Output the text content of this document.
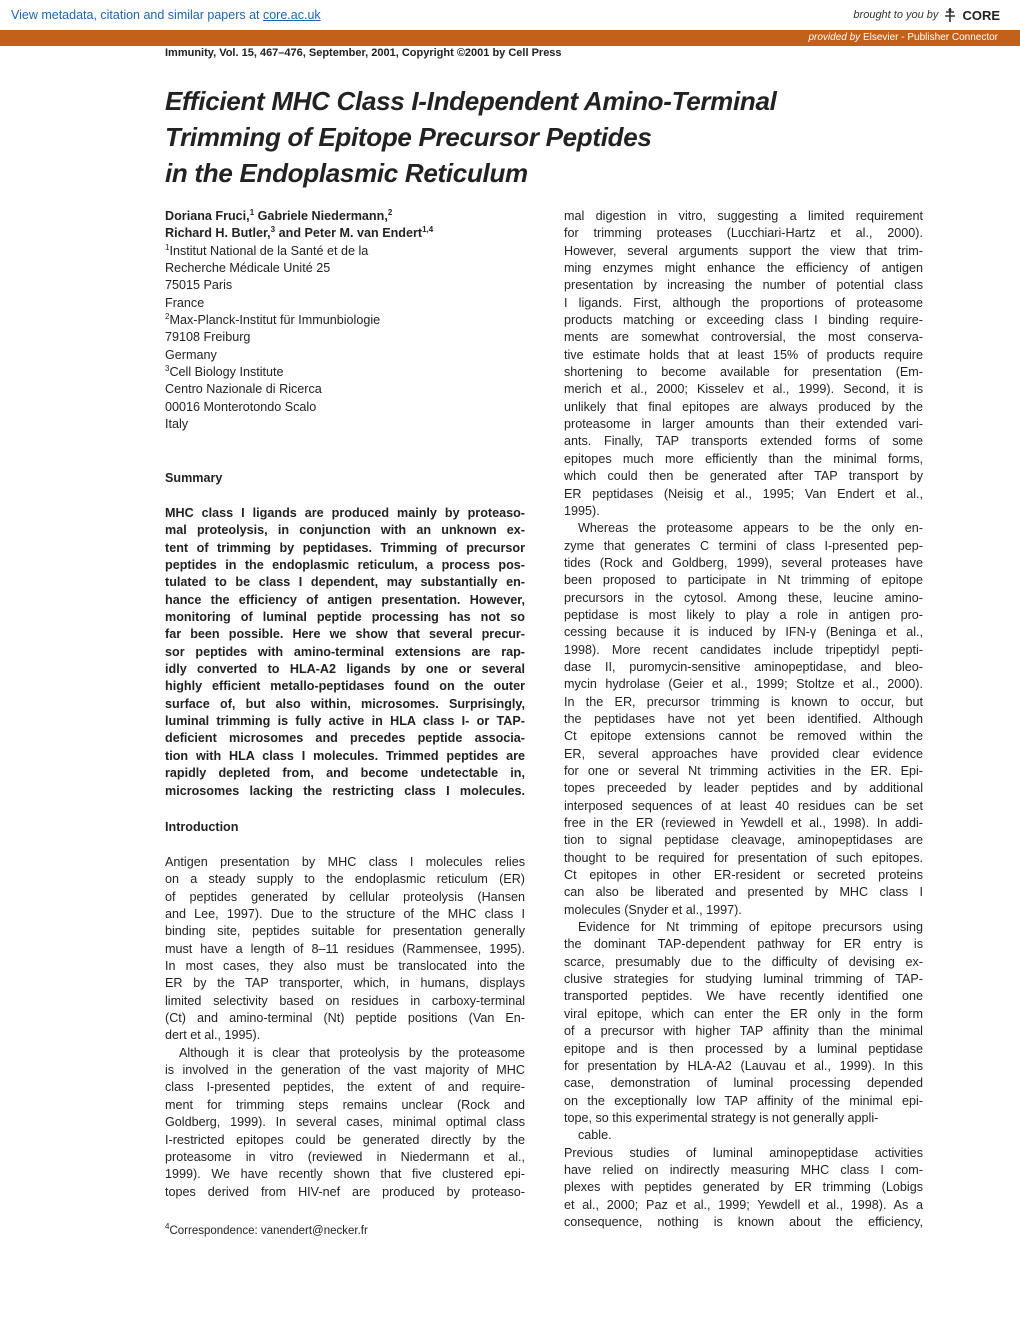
View metadata, citation and similar papers at core.ac.uk	brought to you by CORE
provided by Elsevier - Publisher Connector
Immunity, Vol. 15, 467–476, September, 2001, Copyright ©2001 by Cell Press
Efficient MHC Class I-Independent Amino-Terminal
Trimming of Epitope Precursor Peptides
in the Endoplasmic Reticulum
Doriana Fruci,$^1$ Gabriele Niedermann,$^2$
Richard H. Butler,$^3$ and Peter M. van Endert$^{1,4}$
$^1$Institut National de la Santé et de la
Recherche Médicale Unité 25
75015 Paris
France
$^2$Max-Planck-Institut für Immunbiologie
79108 Freiburg
Germany
$^3$Cell Biology Institute
Centro Nazionale di Ricerca
00016 Monterotondo Scalo
Italy
Summary
MHC class I ligands are produced mainly by proteaso-
mal proteolysis, in conjunction with an unknown ex-
tent of trimming by peptidases. Trimming of precursor
peptides in the endoplasmic reticulum, a process pos-
tulated to be class I dependent, may substantially en-
hance the efficiency of antigen presentation. However,
monitoring of luminal peptide processing has not so
far been possible. Here we show that several precur-
sor peptides with amino-terminal extensions are rap-
idly converted to HLA-A2 ligands by one or several
highly efficient metallo-peptidases found on the outer
surface of, but also within, microsomes. Surprisingly,
luminal trimming is fully active in HLA class I- or TAP-
deficient microsomes and precedes peptide associa-
tion with HLA class I molecules. Trimmed peptides are
rapidly depleted from, and become undetectable in,
microsomes lacking the restricting class I molecules.
Introduction
Antigen presentation by MHC class I molecules relies
on a steady supply to the endoplasmic reticulum (ER)
of peptides generated by cellular proteolysis (Hansen
and Lee, 1997). Due to the structure of the MHC class I
binding site, peptides suitable for presentation generally
must have a length of 8–11 residues (Rammensee, 1995).
In most cases, they also must be translocated into the
ER by the TAP transporter, which, in humans, displays
limited selectivity based on residues in carboxy-terminal
(Ct) and amino-terminal (Nt) peptide positions (Van En-
dert et al., 1995).
Although it is clear that proteolysis by the proteasome
is involved in the generation of the vast majority of MHC
class I-presented peptides, the extent of and require-
ment for trimming steps remains unclear (Rock and
Goldberg, 1999). In several cases, minimal optimal class
I-restricted epitopes could be generated directly by the
proteasome in vitro (reviewed in Niedermann et al.,
1999). We have recently shown that five clustered epi-
topes derived from HIV-nef are produced by proteaso-
$^4$Correspondence: vanendert@necker.fr
mal digestion in vitro, suggesting a limited requirement
for trimming proteases (Lucchiari-Hartz et al., 2000).
However, several arguments support the view that trim-
ming enzymes might enhance the efficiency of antigen
presentation by increasing the number of potential class
I ligands. First, although the proportions of proteasome
products matching or exceeding class I binding require-
ments are somewhat controversial, the most conserva-
tive estimate holds that at least 15% of products require
shortening to become available for presentation (Em-
merich et al., 2000; Kisselev et al., 1999). Second, it is
unlikely that final epitopes are always produced by the
proteasome in larger amounts than their extended vari-
ants. Finally, TAP transports extended forms of some
epitopes much more efficiently than the minimal forms,
which could then be generated after TAP transport by
ER peptidases (Neisig et al., 1995; Van Endert et al.,
1995).
Whereas the proteasome appears to be the only en-
zyme that generates C termini of class I-presented pep-
tides (Rock and Goldberg, 1999), several proteases have
been proposed to participate in Nt trimming of epitope
precursors in the cytosol. Among these, leucine amino-
peptidase is most likely to play a role in antigen pro-
cessing because it is induced by IFN-γ (Beninga et al.,
1998). More recent candidates include tripeptidyl pepti-
dase II, puromycin-sensitive aminopeptidase, and bleo-
mycin hydrolase (Geier et al., 1999; Stoltze et al., 2000).
In the ER, precursor trimming is known to occur, but
the peptidases have not yet been identified. Although
Ct epitope extensions cannot be removed within the
ER, several approaches have provided clear evidence
for one or several Nt trimming activities in the ER. Epi-
topes preceeded by leader peptides and by additional
interposed sequences of at least 40 residues can be set
free in the ER (reviewed in Yewdell et al., 1998). In addi-
tion to signal peptidase cleavage, aminopeptidases are
thought to be required for presentation of such epitopes.
Ct epitopes in other ER-resident or secreted proteins
can also be liberated and presented by MHC class I
molecules (Snyder et al., 1997).
Evidence for Nt trimming of epitope precursors using
the dominant TAP-dependent pathway for ER entry is
scarce, presumably due to the difficulty of devising ex-
clusive strategies for studying luminal trimming of TAP-
transported peptides. We have recently identified one
viral epitope, which can enter the ER only in the form
of a precursor with higher TAP affinity than the minimal
epitope and is then processed by a luminal peptidase
for presentation by HLA-A2 (Lauvau et al., 1999). In this
case, demonstration of luminal processing depended
on the exceptionally low TAP affinity of the minimal epi-
tope, so this experimental strategy is not generally appli-
cable.
Previous studies of luminal aminopeptidase activities
have relied on indirectly measuring MHC class I com-
plexes with peptides generated by ER trimming (Lobigs
et al., 2000; Paz et al., 1999; Yewdell et al., 1998). As a
consequence, nothing is known about the efficiency,
